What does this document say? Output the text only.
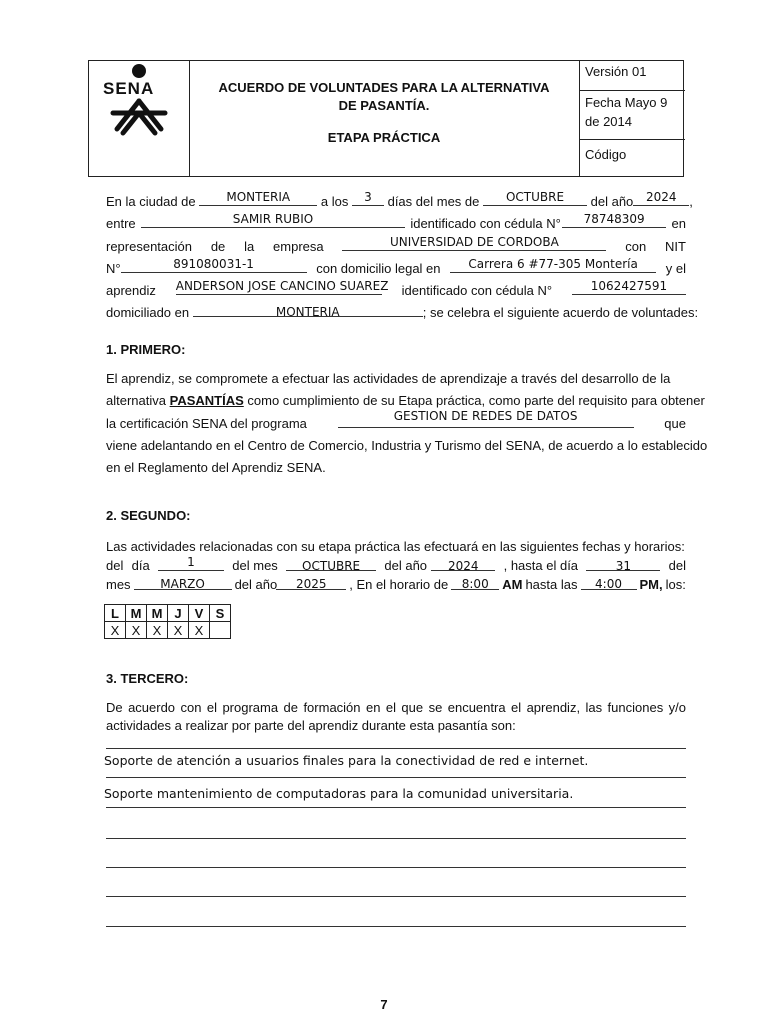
SENA	ACUERDO DE VOLUNTADES PARA LA ALTERNATIVA
DE PASANTÍA.
ETAPA PRÁCTICA
Versión 01
Fecha Mayo 9
de 2014
Código
En la ciudad de	MONTERIA	a los	3	días del mes de	OCTUBRE	del año	2024 ,
entre	SAMIR RUBIO	identificado con cédula N°	78748309	en
representación de la empresa	UNIVERSIDAD DE CORDOBA	con NIT
N°	891080031-1	con domicilio legal en	Carrera 6 #77-305 Montería	y el
aprendiz ANDERSON JOSE CANCINO SUAREZ identificado con cédula N°	1062427591
domiciliado en	MONTERIA	; se celebra el siguiente acuerdo de voluntades:
1. PRIMERO:
El aprendiz, se compromete a efectuar las actividades de aprendizaje a través del desarrollo de la
alternativa PASANTÍAS como cumplimiento de su Etapa práctica, como parte del requisito para obtener
la certificación SENA del programa	GESTION DE REDES DE DATOS	que
viene adelantando en el Centro de Comercio, Industria y Turismo del SENA, de acuerdo a lo establecido
en el Reglamento del Aprendiz SENA.
2. SEGUNDO:
Las actividades relacionadas con su etapa práctica las efectuará en las siguientes fechas y horarios:
del día	1	del mes	OCTUBRE	del año	2024	, hasta el día	31	del
mes	MARZO	del año	2025	, En el horario de	8:00	AM hasta las	4:00	PM, los:
L	M	M	J	V	S
X	X	X	X	X	
3. TERCERO:
De acuerdo con el programa de formación en el que se encuentra el aprendiz, las funciones y/o
actividades a realizar por parte del aprendiz durante esta pasantía son:
Soporte de atención a usuarios finales para la conectividad de red e internet.
Soporte mantenimiento de computadoras para la comunidad universitaria.
7
